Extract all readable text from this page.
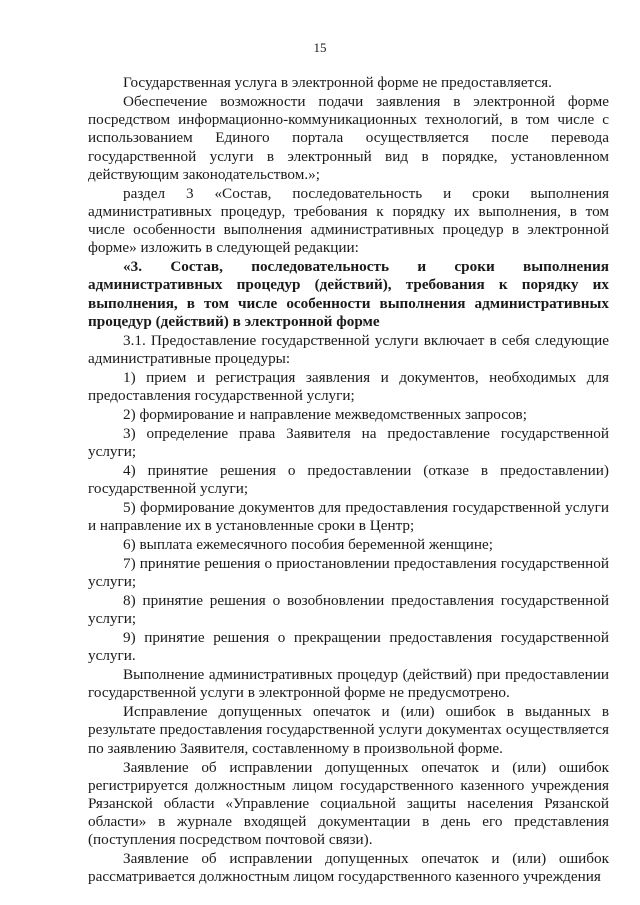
15

Государственная услуга в электронной форме не предоставляется.

Обеспечение возможности подачи заявления в электронной форме посредством информационно-коммуникационных технологий, в том числе с использованием Единого портала осуществляется после перевода государственной услуги в электронный вид в порядке, установленном действующим законодательством.»;

раздел 3 «Состав, последовательность и сроки выполнения административных процедур, требования к порядку их выполнения, в том числе особенности выполнения административных процедур в электронной форме» изложить в следующей редакции:

«3. Состав, последовательность и сроки выполнения административных процедур (действий), требования к порядку их выполнения, в том числе особенности выполнения административных процедур (действий) в электронной форме

3.1. Предоставление государственной услуги включает в себя следующие административные процедуры:

1) прием и регистрация заявления и документов, необходимых для предоставления государственной услуги;

2) формирование и направление межведомственных запросов;

3) определение права Заявителя на предоставление государственной услуги;

4) принятие решения о предоставлении (отказе в предоставлении) государственной услуги;

5) формирование документов для предоставления государственной услуги и направление их в установленные сроки в Центр;

6) выплата ежемесячного пособия беременной женщине;

7) принятие решения о приостановлении предоставления государственной услуги;

8) принятие решения о возобновлении предоставления государственной услуги;

9) принятие решения о прекращении предоставления государственной услуги.

Выполнение административных процедур (действий) при предоставлении государственной услуги в электронной форме не предусмотрено.

Исправление допущенных опечаток и (или) ошибок в выданных в результате предоставления государственной услуги документах осуществляется по заявлению Заявителя, составленному в произвольной форме.

Заявление об исправлении допущенных опечаток и (или) ошибок регистрируется должностным лицом государственного казенного учреждения Рязанской области «Управление социальной защиты населения Рязанской области» в журнале входящей документации в день его представления (поступления посредством почтовой связи).

Заявление об исправлении допущенных опечаток и (или) ошибок рассматривается должностным лицом государственного казенного учреждения
